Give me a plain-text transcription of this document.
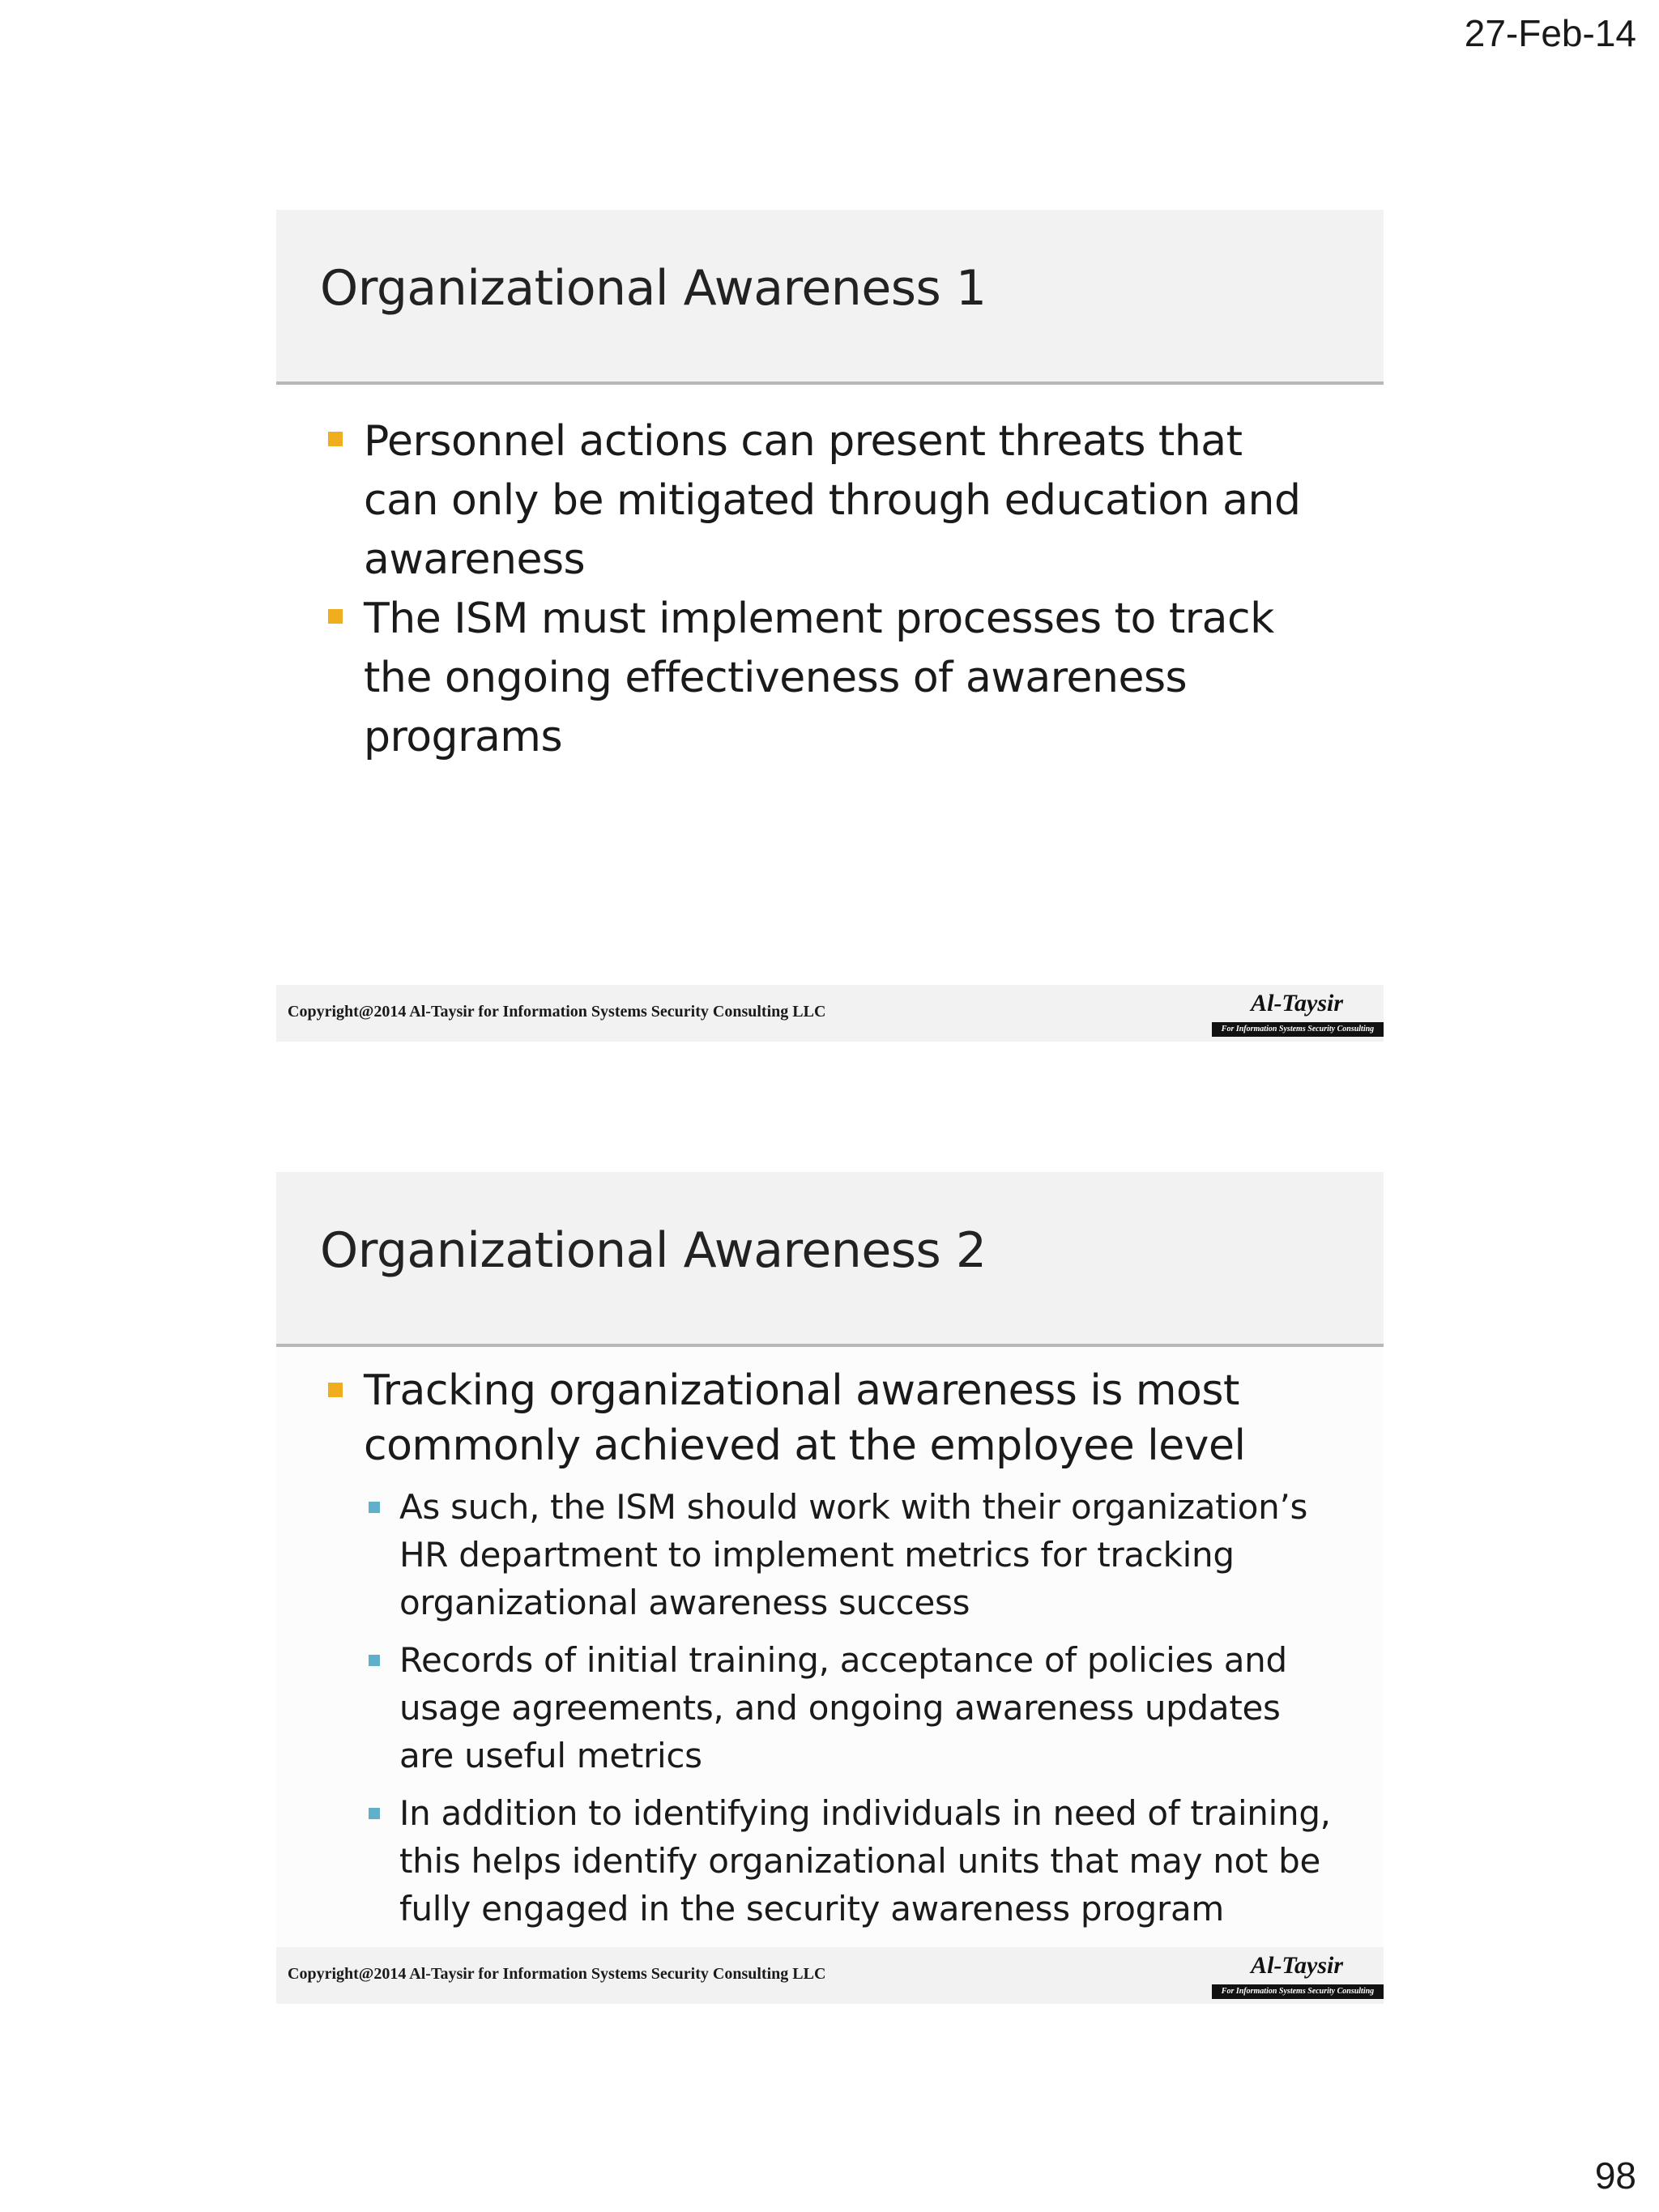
27-Feb-14
Organizational Awareness 1
Personnel actions can present threats that can only be mitigated through education and awareness
The ISM must implement processes to track the ongoing effectiveness of awareness programs
Copyright@2014 Al-Taysir for Information Systems Security Consulting LLC	Al-Taysir
For Information Systems Security Consulting
Organizational Awareness 2
Tracking organizational awareness is most commonly achieved at the employee level
As such, the ISM should work with their organization’s HR department to implement metrics for tracking organizational awareness success
Records of initial training, acceptance of policies and usage agreements, and ongoing awareness updates are useful metrics
In addition to identifying individuals in need of training, this helps identify organizational units that may not be fully engaged in the security awareness program
Copyright@2014 Al-Taysir for Information Systems Security Consulting LLC	Al-Taysir
For Information Systems Security Consulting
98
